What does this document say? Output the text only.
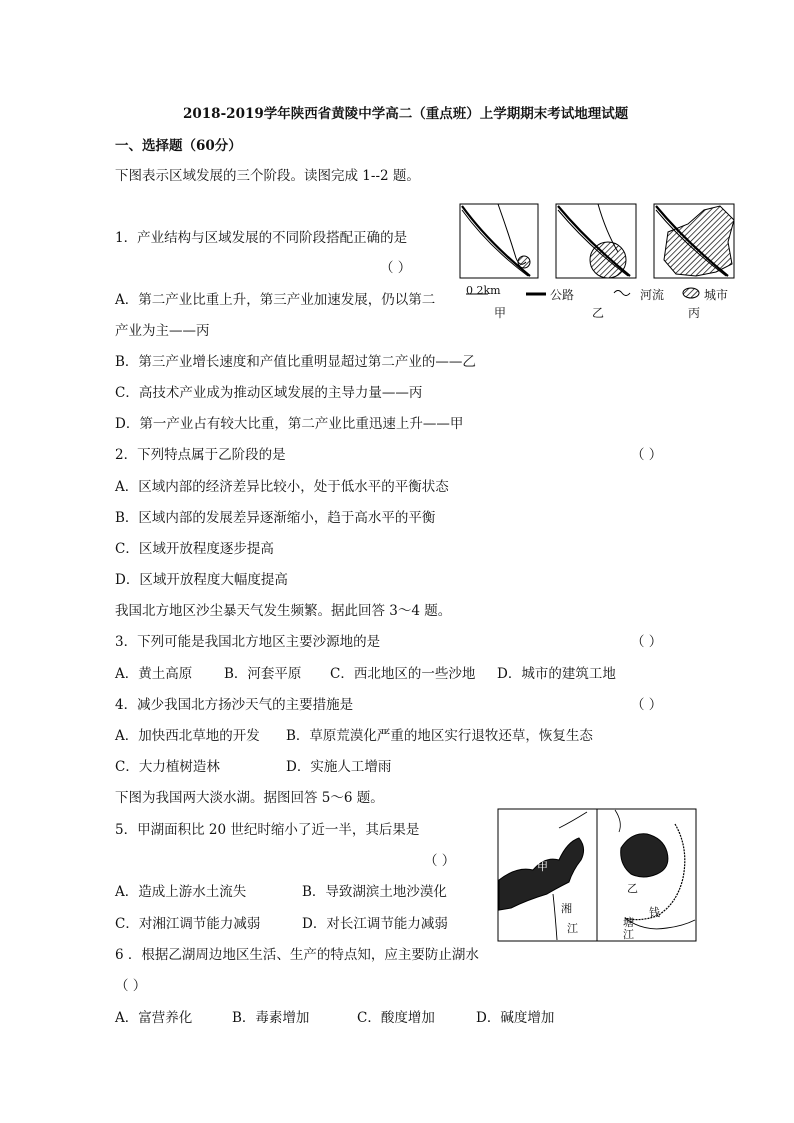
2018-2019学年陕西省黄陵中学高二（重点班）上学期期末考试地理试题
一、选择题（60分）
下图表示区域发展的三个阶段。读图完成 1--2 题。
0 2km	公路	河流	城市
甲	乙	丙
1．产业结构与区域发展的不同阶段搭配正确的是
（ ）
A．第二产业比重上升，第三产业加速发展，仍以第二
产业为主——丙
B．第三产业增长速度和产值比重明显超过第二产业的——乙
C．高技术产业成为推动区域发展的主导力量——丙
D．第一产业占有较大比重，第二产业比重迅速上升——甲
2．下列特点属于乙阶段的是	（ ）
A．区域内部的经济差异比较小，处于低水平的平衡状态
B．区域内部的发展差异逐渐缩小，趋于高水平的平衡
C．区域开放程度逐步提高
D．区域开放程度大幅度提高
我国北方地区沙尘暴天气发生频繁。据此回答 3～4 题。
3．下列可能是我国北方地区主要沙源地的是	（ ）
A．黄土高原 B．河套平原 C．西北地区的一些沙地 D．城市的建筑工地
4．减少我国北方扬沙天气的主要措施是	（ ）
A．加快西北草地的开发 B．草原荒漠化严重的地区实行退牧还草，恢复生态
C．大力植树造林	D．实施人工增雨
下图为我国两大淡水湖。据图回答 5～6 题。
甲
湘
江
乙
钱
塘
江
5．甲湖面积比 20 世纪时缩小了近一半，其后果是
（ ）
A．造成上游水土流失	B．导致湖滨土地沙漠化
C．对湘江调节能力减弱	D．对长江调节能力减弱
6 ．根据乙湖周边地区生活、生产的特点知，应主要防止湖水
（ ）
A．富营养化	B．毒素增加	C．酸度增加	D．碱度增加
